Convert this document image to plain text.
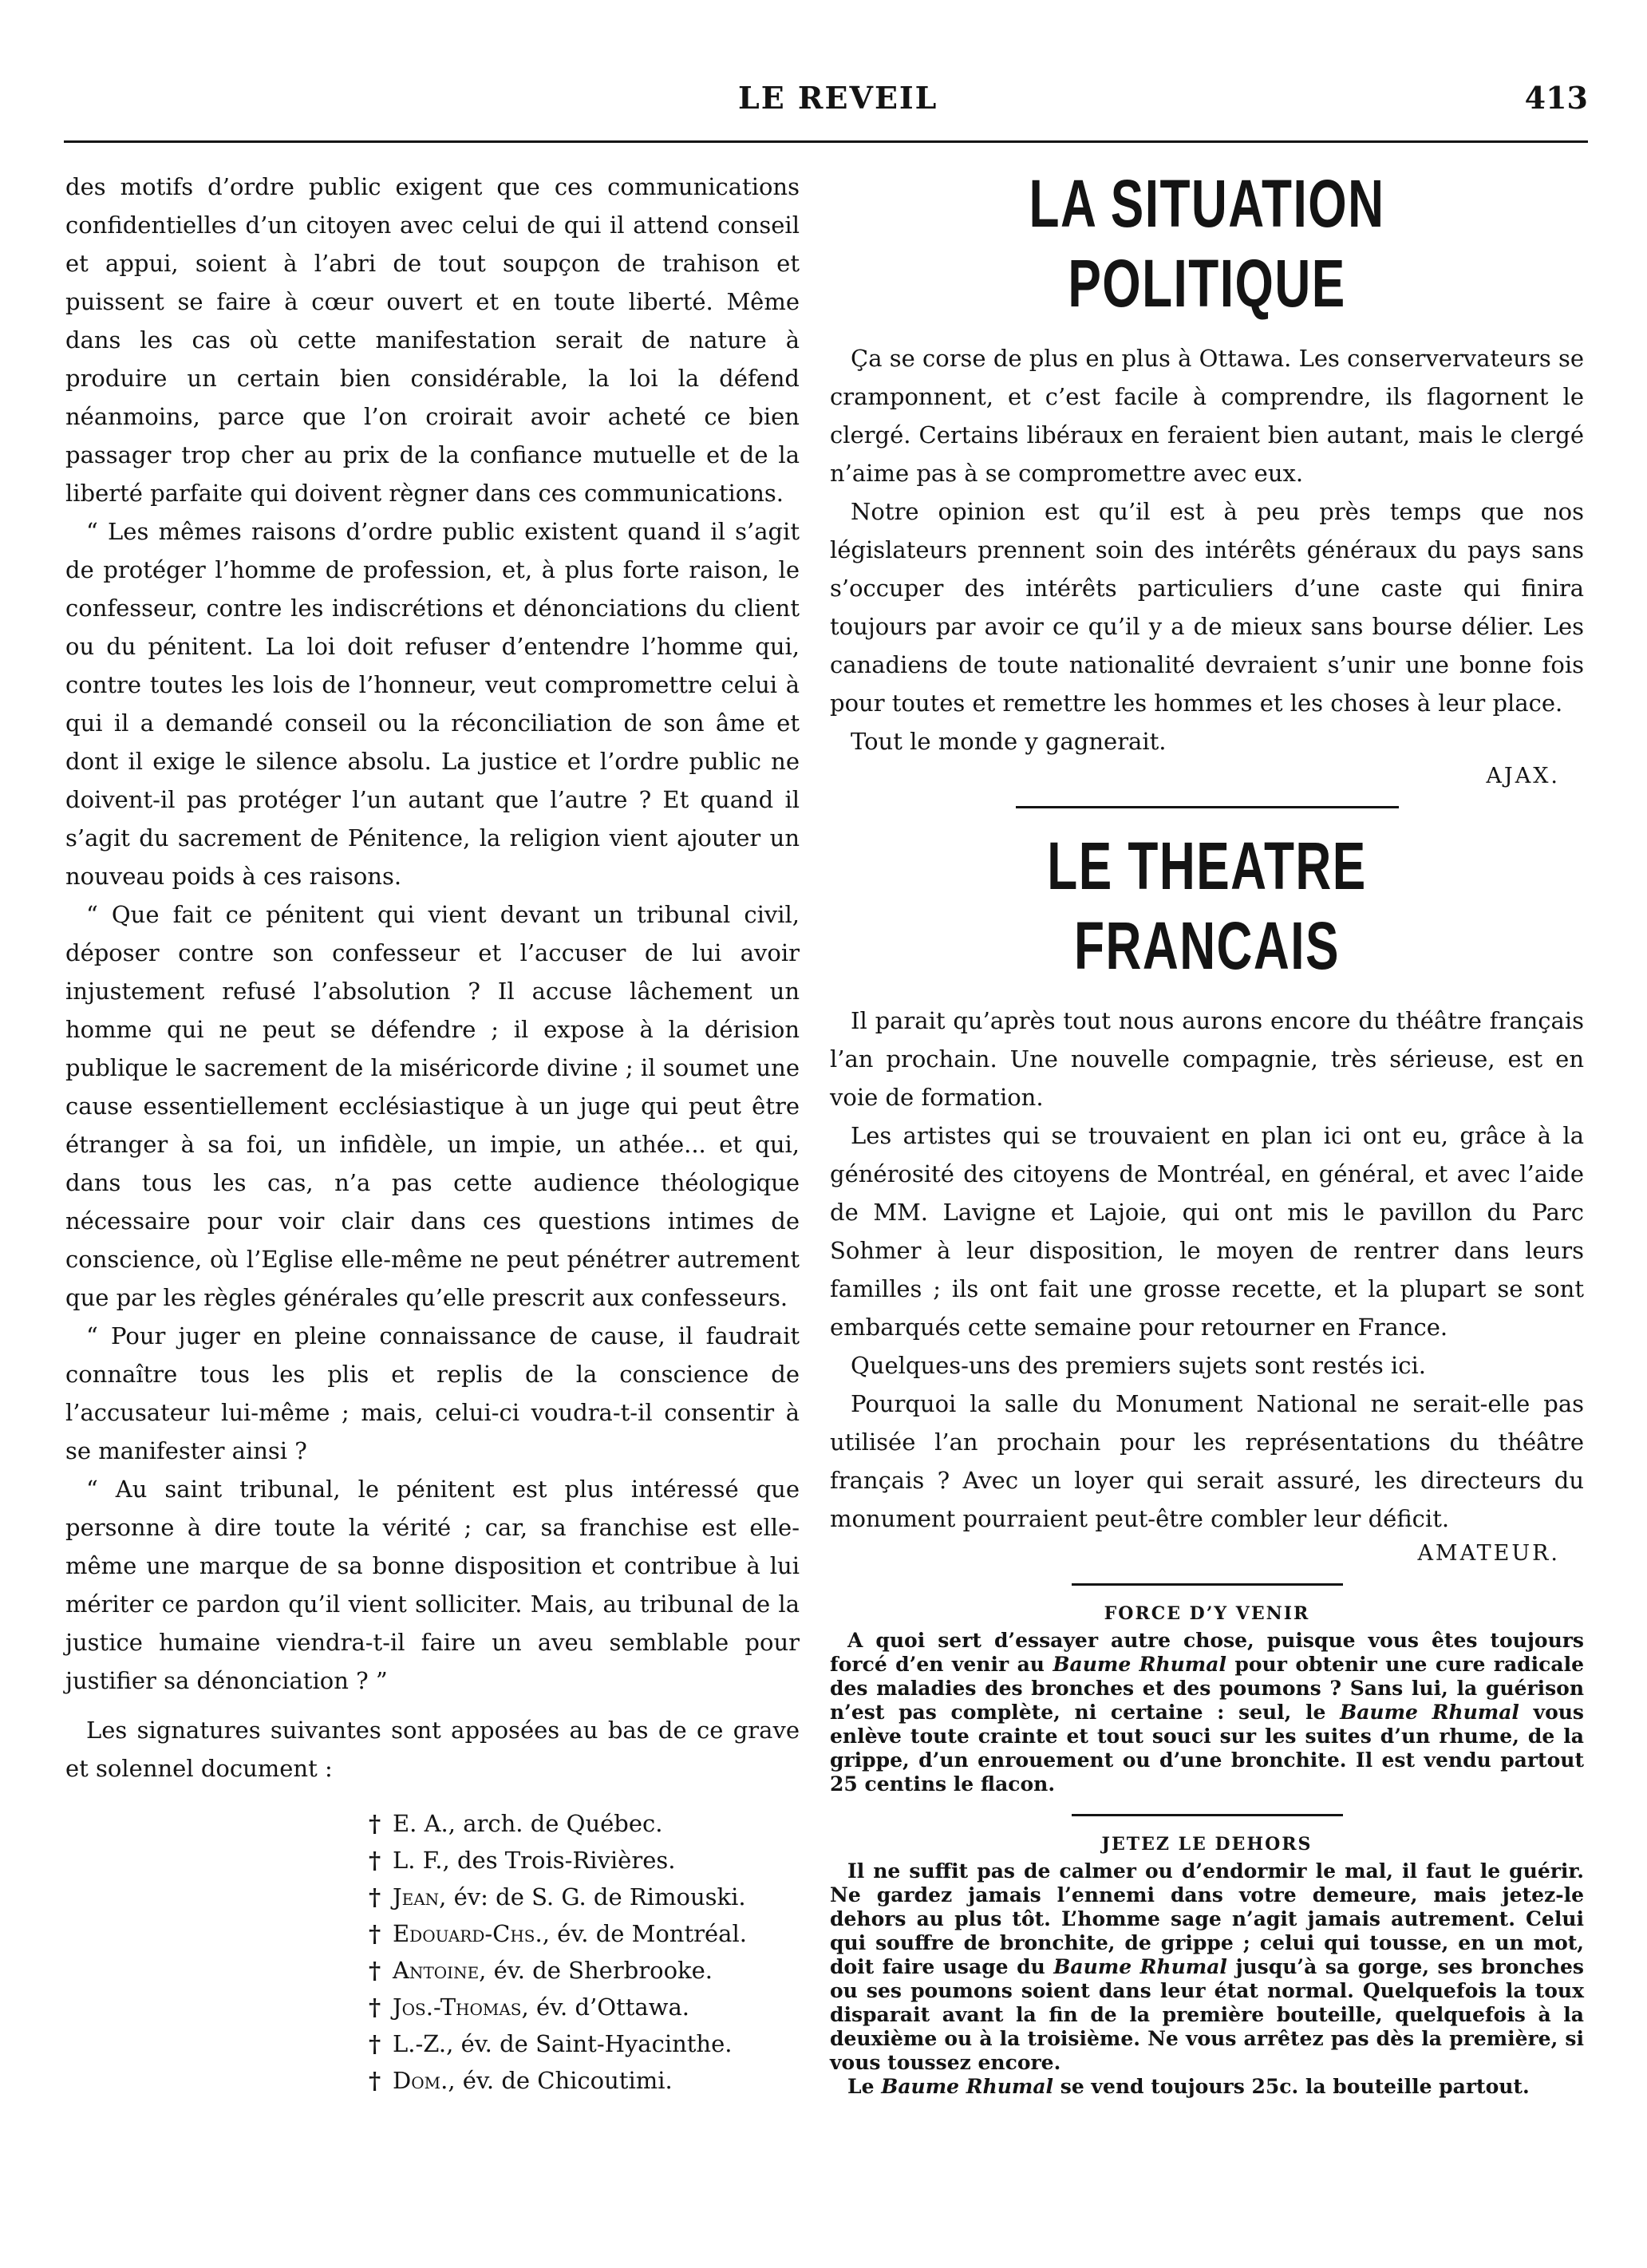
LE REVEIL	413

des motifs d’ordre public exigent que ces communications confidentielles d’un citoyen avec celui de qui il attend conseil et appui, soient à l’abri de tout soupçon de trahison et puissent se faire à cœur ouvert et en toute liberté. Même dans les cas où cette manifestation serait de nature à produire un certain bien considérable, la loi la défend néanmoins, parce que l’on croirait avoir acheté ce bien passager trop cher au prix de la confiance mutuelle et de la liberté parfaite qui doivent règner dans ces communications.

“ Les mêmes raisons d’ordre public existent quand il s’agit de protéger l’homme de profession, et, à plus forte raison, le confesseur, contre les indiscrétions et dénonciations du client ou du pénitent. La loi doit refuser d’entendre l’homme qui, contre toutes les lois de l’honneur, veut compromettre celui à qui il a demandé conseil ou la réconciliation de son âme et dont il exige le silence absolu. La justice et l’ordre public ne doivent-il pas protéger l’un autant que l’autre ? Et quand il s’agit du sacrement de Pénitence, la religion vient ajouter un nouveau poids à ces raisons.

“ Que fait ce pénitent qui vient devant un tribunal civil, déposer contre son confesseur et l’accuser de lui avoir injustement refusé l’absolution ? Il accuse lâchement un homme qui ne peut se défendre ; il expose à la dérision publique le sacrement de la miséricorde divine ; il soumet une cause essentiellement ecclésiastique à un juge qui peut être étranger à sa foi, un infidèle, un impie, un athée... et qui, dans tous les cas, n’a pas cette audience théologique nécessaire pour voir clair dans ces questions intimes de conscience, où l’Eglise elle-même ne peut pénétrer autrement que par les règles générales qu’elle prescrit aux confesseurs.

“ Pour juger en pleine connaissance de cause, il faudrait connaître tous les plis et replis de la conscience de l’accusateur lui-même ; mais, celui-ci voudra-t-il consentir à se manifester ainsi ?

“ Au saint tribunal, le pénitent est plus intéressé que personne à dire toute la vérité ; car, sa franchise est elle-même une marque de sa bonne disposition et contribue à lui mériter ce pardon qu’il vient solliciter. Mais, au tribunal de la justice humaine viendra-t-il faire un aveu semblable pour justifier sa dénonciation ? ”

Les signatures suivantes sont apposées au bas de ce grave et solennel document :

† E. A., arch. de Québec.
† L. F., des Trois-Rivières.
† Jean, év: de S. G. de Rimouski.
† Edouard-Chs., év. de Montréal.
† Antoine, év. de Sherbrooke.
† Jos.-Thomas, év. d’Ottawa.
† L.-Z., év. de Saint-Hyacinthe.
† Dom., év. de Chicoutimi.
LA SITUATION POLITIQUE

Ça se corse de plus en plus à Ottawa. Les conservervateurs se cramponnent, et c’est facile à comprendre, ils flagornent le clergé. Certains libéraux en feraient bien autant, mais le clergé n’aime pas à se compromettre avec eux.

Notre opinion est qu’il est à peu près temps que nos législateurs prennent soin des intérêts généraux du pays sans s’occuper des intérêts particuliers d’une caste qui finira toujours par avoir ce qu’il y a de mieux sans bourse délier. Les canadiens de toute nationalité devraient s’unir une bonne fois pour toutes et remettre les hommes et les choses à leur place.

Tout le monde y gagnerait.

AJAX.

LE THEATRE FRANCAIS

Il parait qu’après tout nous aurons encore du théâtre français l’an prochain. Une nouvelle compagnie, très sérieuse, est en voie de formation.

Les artistes qui se trouvaient en plan ici ont eu, grâce à la générosité des citoyens de Montréal, en général, et avec l’aide de MM. Lavigne et Lajoie, qui ont mis le pavillon du Parc Sohmer à leur disposition, le moyen de rentrer dans leurs familles ; ils ont fait une grosse recette, et la plupart se sont embarqués cette semaine pour retourner en France.

Quelques-uns des premiers sujets sont restés ici.

Pourquoi la salle du Monument National ne serait-elle pas utilisée l’an prochain pour les représentations du théâtre français ? Avec un loyer qui serait assuré, les directeurs du monument pourraient peut-être combler leur déficit.

AMATEUR.

FORCE D’Y VENIR

A quoi sert d’essayer autre chose, puisque vous êtes toujours forcé d’en venir au Baume Rhumal pour obtenir une cure radicale des maladies des bronches et des poumons ? Sans lui, la guérison n’est pas complète, ni certaine : seul, le Baume Rhumal vous enlève toute crainte et tout souci sur les suites d’un rhume, de la grippe, d’un enrouement ou d’une bronchite. Il est vendu partout 25 centins le flacon.

JETEZ LE DEHORS

Il ne suffit pas de calmer ou d’endormir le mal, il faut le guérir. Ne gardez jamais l’ennemi dans votre demeure, mais jetez-le dehors au plus tôt. L’homme sage n’agit jamais autrement. Celui qui souffre de bronchite, de grippe ; celui qui tousse, en un mot, doit faire usage du Baume Rhumal jusqu’à sa gorge, ses bronches ou ses poumons soient dans leur état normal. Quelquefois la toux disparait avant la fin de la première bouteille, quelquefois à la deuxième ou à la troisième. Ne vous arrêtez pas dès la première, si vous toussez encore.

Le Baume Rhumal se vend toujours 25c. la bouteille partout.
